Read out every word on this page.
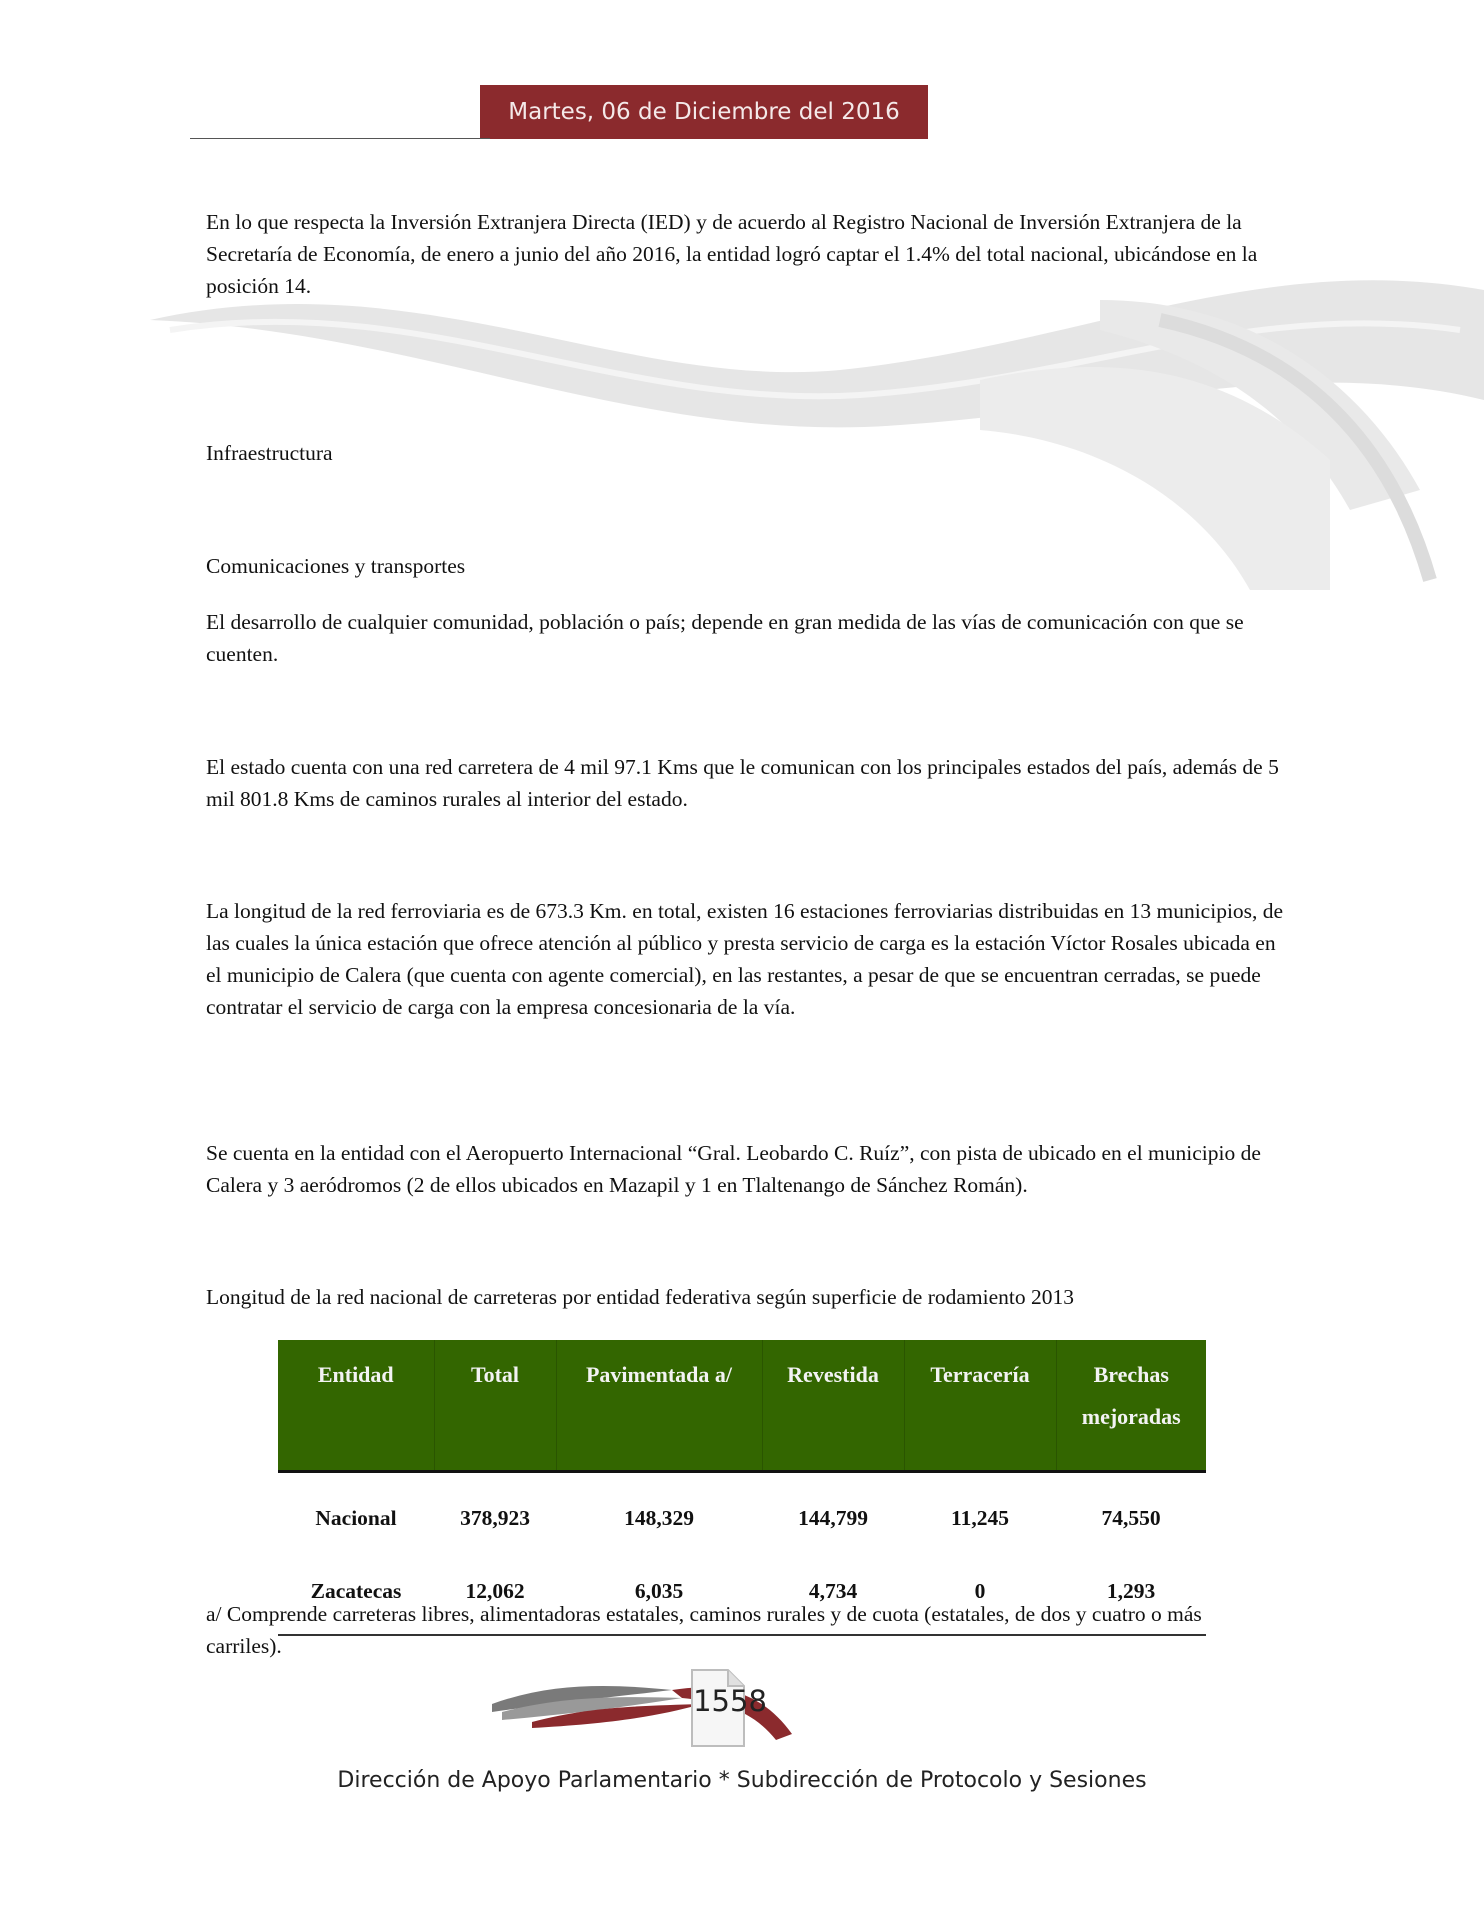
Martes, 06 de Diciembre del 2016

En lo que respecta la Inversión Extranjera Directa (IED) y de acuerdo al Registro Nacional de Inversión Extranjera de la Secretaría de Economía, de enero a junio del año 2016, la entidad logró captar el 1.4% del total nacional, ubicándose en la posición 14.

Infraestructura

Comunicaciones y transportes

El desarrollo de cualquier comunidad, población o país; depende en gran medida de las vías de comunicación con que se cuenten.

El estado cuenta con una red carretera de 4 mil 97.1 Kms que le comunican con los principales estados del país, además de 5 mil 801.8 Kms de caminos rurales al interior del estado.

La longitud de la red ferroviaria es de 673.3 Km. en total, existen 16 estaciones ferroviarias distribuidas en 13 municipios, de las cuales la única estación que ofrece atención al público y presta servicio de carga es la estación Víctor Rosales ubicada en el municipio de Calera (que cuenta con agente comercial), en las restantes, a pesar de que se encuentran cerradas, se puede contratar el servicio de carga con la empresa concesionaria de la vía.

Se cuenta en la entidad con el Aeropuerto Internacional “Gral. Leobardo C. Ruíz”, con pista de ubicado en el municipio de Calera y 3 aeródromos (2 de ellos ubicados en Mazapil y 1 en Tlaltenango de Sánchez Román).

Longitud de la red nacional de carreteras por entidad federativa según superficie de rodamiento 2013

Entidad	Total	Pavimentada a/	Revestida	Terracería	Brechas mejoradas
Nacional	378,923	148,329	144,799	11,245	74,550
Zacatecas	12,062	6,035	4,734	0	1,293

a/ Comprende carreteras libres, alimentadoras estatales, caminos rurales y de cuota (estatales, de dos y cuatro o más carriles).

1558
Dirección de Apoyo Parlamentario * Subdirección de Protocolo y Sesiones
